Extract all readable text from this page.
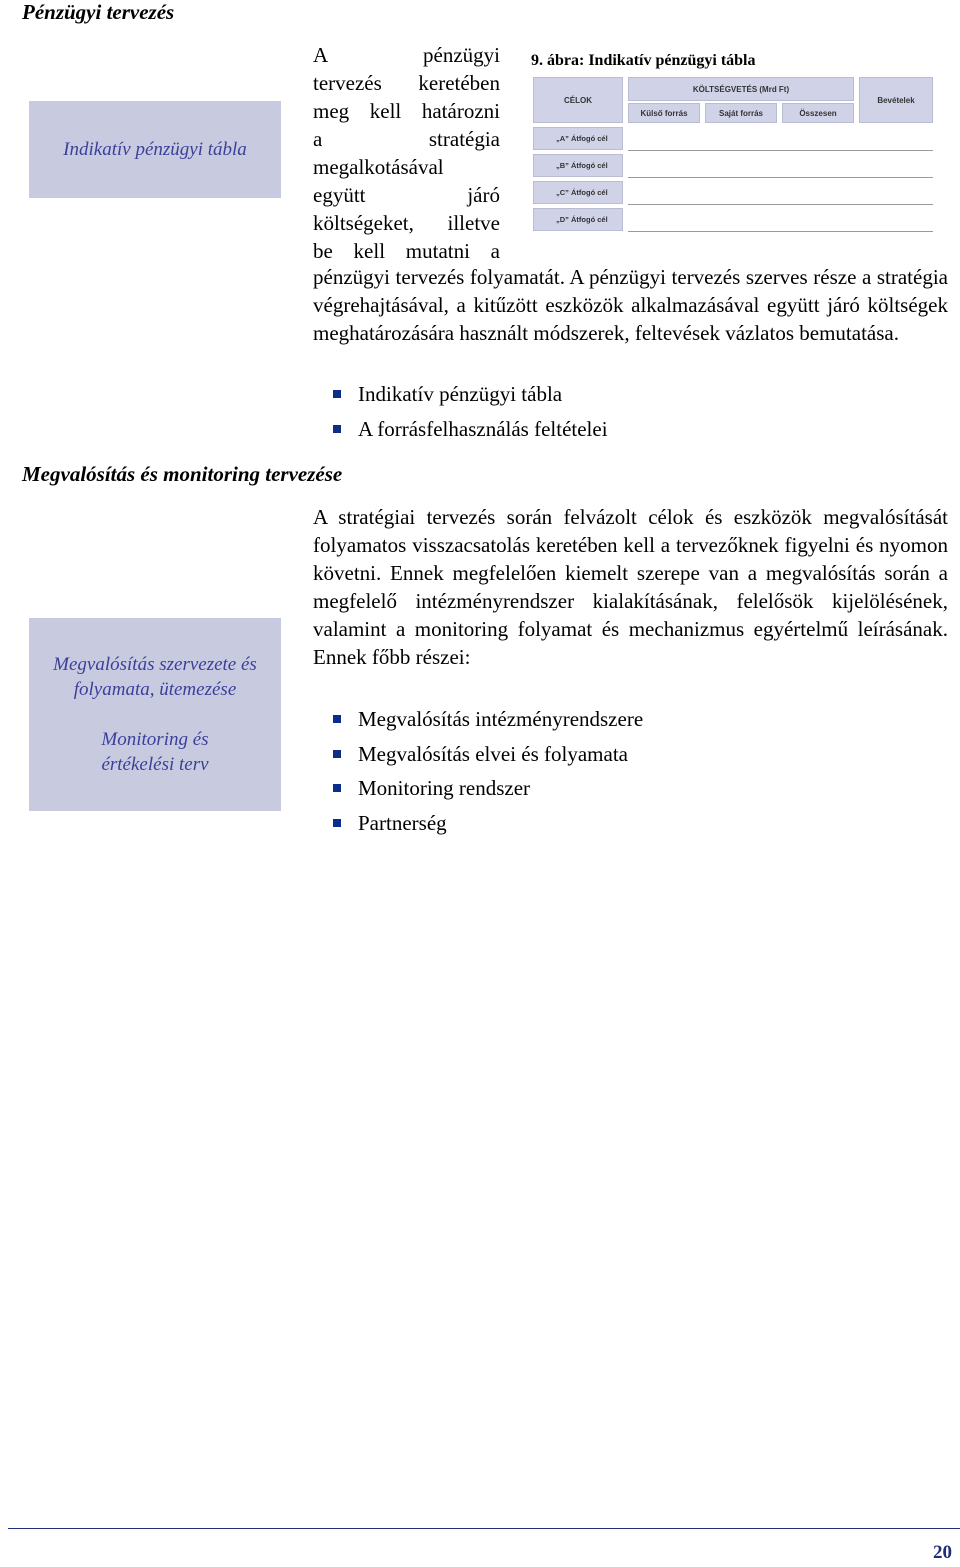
Pénzügyi tervezés
Megvalósítás és monitoring tervezése
Indikatív pénzügyi tábla
Megvalósítás szervezete és folyamata, ütemezése
Monitoring és értékelési terv
A pénzügyi
tervezés keretében
meg kell határozni
a stratégia
megalkotásával
együtt járó
költségeket, illetve
be kell mutatni a

pénzügyi tervezés folyamatát. A pénzügyi tervezés szerves része a stratégia végrehajtásával, a kitűzött eszközök alkalmazásával együtt járó költségek meghatározására használt módszerek, feltevések vázlatos bemutatása.

Indikatív pénzügyi tábla
A forrásfelhasználás feltételei

A stratégiai tervezés során felvázolt célok és eszközök megvalósítását folyamatos visszacsatolás keretében kell a tervezőknek figyelni és nyomon követni. Ennek megfelelően kiemelt szerepe van a megvalósítás során a megfelelő intézményrendszer kialakításának, felelősök kijelölésének, valamint a monitoring folyamat és mechanizmus egyértelmű leírásának. Ennek főbb részei:

Megvalósítás intézményrendszere
Megvalósítás elvei és folyamata
Monitoring rendszer
Partnerség
9. ábra: Indikatív pénzügyi tábla
CÉLOK
KÖLTSÉGVETÉS (Mrd Ft)
Külső forrás	Saját forrás	Összesen
Bevételek
„A” Átfogó cél
„B” Átfogó cél
„C” Átfogó cél
„D” Átfogó cél
20
